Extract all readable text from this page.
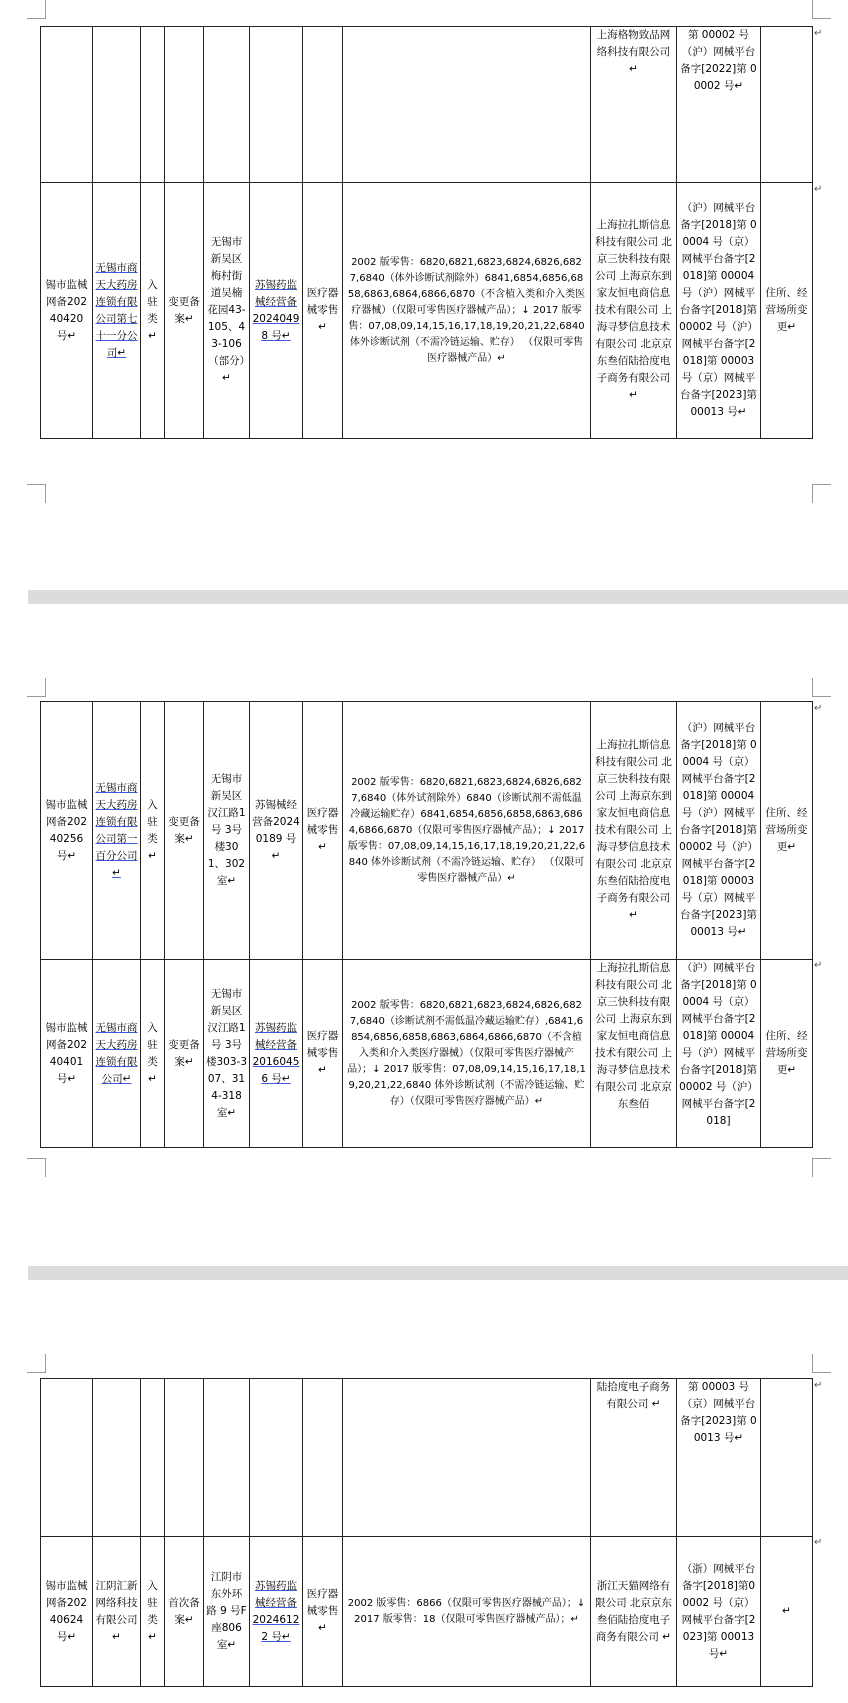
								上海格物致品网络科技有限公司↵	第 00002 号（沪）网械平台备字[2022]第 00002 号↵	
锡市监械网备20240420 号↵	无锡市商天大药房连锁有限公司第七十一分公司↵	入驻类↵	变更备案↵	无锡市新吴区梅村街道吴楠花园43-105、43-106（部分）↵	苏锡药监械经营备20240498 号↵	医疗器械零售↵	2002 版零售：6820,6821,6823,6824,6826,6827,6840（体外诊断试剂除外）6841,6854,6856,6858,6863,6864,6866,6870（不含植入类和介入类医疗器械）（仅限可零售医疗器械产品）；↓ 2017 版零售：07,08,09,14,15,16,17,18,19,20,21,22,6840 体外诊断试剂（不需冷链运输、贮存） （仅限可零售医疗器械产品）↵	上海拉扎斯信息科技有限公司 北京三快科技有限公司 上海京东到家友恒电商信息技术有限公司 上海寻梦信息技术有限公司 北京京东叁佰陆拾度电子商务有限公司↵	（沪）网械平台备字[2018]第 00004 号（京）网械平台备字[2018]第 00004 号（沪）网械平台备字[2018]第 00002 号（沪）网械平台备字[2018]第 00003 号（京）网械平台备字[2023]第 00013 号↵	住所、经营场所变更↵
锡市监械网备20240256 号↵	无锡市商天大药房连锁有限公司第一百分公司↵	入驻类↵	变更备案↵	无锡市新吴区汉江路1 号 3号楼301、302 室↵	苏锡械经营备20240189 号↵	医疗器械零售↵	2002 版零售：6820,6821,6823,6824,6826,6827,6840（体外试剂除外）6840（诊断试剂不需低温冷藏运输贮存）6841,6854,6856,6858,6863,6864,6866,6870（仅限可零售医疗器械产品）；↓ 2017 版零售：07,08,09,14,15,16,17,18,19,20,21,22,6840 体外诊断试剂（不需冷链运输、贮存） （仅限可零售医疗器械产品）↵	上海拉扎斯信息科技有限公司 北京三快科技有限公司 上海京东到家友恒电商信息技术有限公司 上海寻梦信息技术有限公司 北京京东叁佰陆拾度电子商务有限公司↵	（沪）网械平台备字[2018]第 00004 号（京）网械平台备字[2018]第 00004 号（沪）网械平台备字[2018]第 00002 号（沪）网械平台备字[2018]第 00003 号（京）网械平台备字[2023]第 00013 号↵	住所、经营场所变更↵
锡市监械网备20240401 号↵	无锡市商天大药房连锁有限公司↵	入驻类↵	变更备案↵	无锡市新吴区汉江路1 号 3号楼303-307、314-318 室↵	苏锡药监械经营备20160456 号↵	医疗器械零售↵	2002 版零售：6820,6821,6823,6824,6826,6827,6840（诊断试剂不需低温冷藏运输贮存）,6841,6854,6856,6858,6863,6864,6866,6870（不含植入类和介入类医疗器械）（仅限可零售医疗器械产品）；↓ 2017 版零售：07,08,09,14,15,16,17,18,19,20,21,22,6840 体外诊断试剂（不需冷链运输、贮存）（仅限可零售医疗器械产品）↵	上海拉扎斯信息科技有限公司 北京三快科技有限公司 上海京东到家友恒电商信息技术有限公司 上海寻梦信息技术有限公司 北京京东叁佰	（沪）网械平台备字[2018]第 00004 号（京）网械平台备字[2018]第 00004 号（沪）网械平台备字[2018]第 00002 号（沪）网械平台备字[2018]	住所、经营场所变更↵
								陆拾度电子商务有限公司 ↵	第 00003 号（京）网械平台备字[2023]第 00013 号↵	
锡市监械网备20240624 号↵	江阴汇新网络科技有限公司↵	入驻类↵	首次备案↵	江阴市东外环路 9 号F 座806 室↵	苏锡药监械经营备20246122 号↵	医疗器械零售↵	2002 版零售：6866（仅限可零售医疗器械产品）；↓ 2017 版零售：18（仅限可零售医疗器械产品）；↵	浙江天猫网络有限公司 北京京东叁佰陆拾度电子商务有限公司 ↵	（浙）网械平台备字[2018]第00002 号（京）网械平台备字[2023]第 00013 号↵	↵
↵
↵
↵
↵
↵
↵
